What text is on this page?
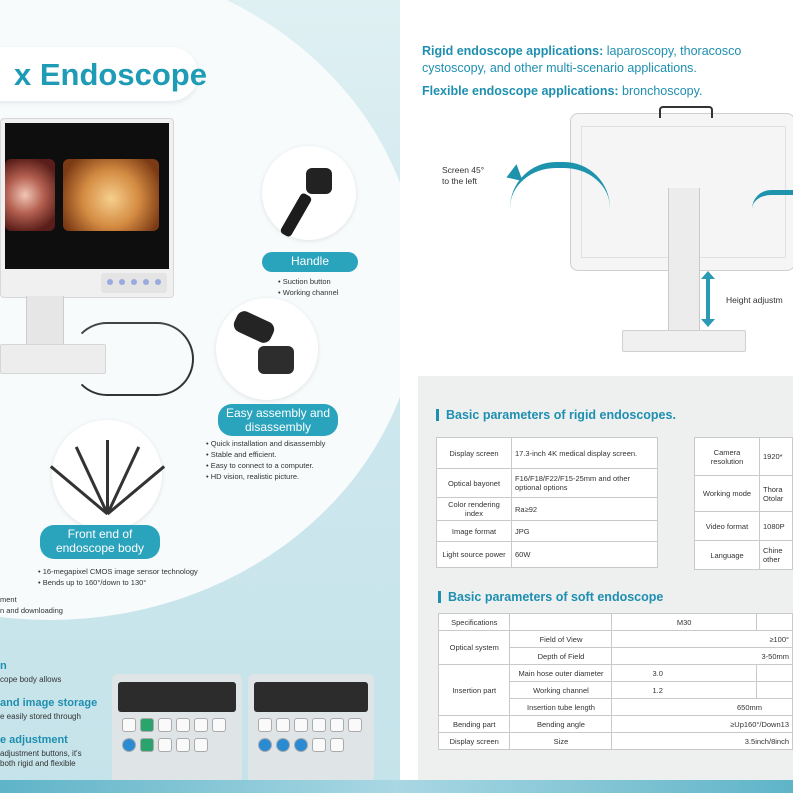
x Endoscope
Handle
• Suction button
• Working channel
Easy assembly and disassembly
• Quick installation and disassembly
• Stable and efficient.
• Easy to connect to a computer.
• HD vision, realistic picture.
Front end of endoscope body
• 16-megapixel CMOS image sensor technology
• Bends up to 160°/down to 130°
ment
n and downloading
n
cope body allows
and image storage
e easily stored through
e adjustment
adjustment buttons, it's
both rigid and flexible
Rigid endoscope applications: laparoscopy, thoracosco
cystoscopy, and other multi-scenario applications.
Flexible endoscope applications: bronchoscopy.
Screen 45°
to the left
Height adjustm
Basic parameters of rigid endoscopes.
Display screen	17.3-inch 4K medical display screen.
Optical bayonet	F16/F18/F22/F15-25mm and other optional options
Color rendering index	Ra≥92
Image format	JPG
Light source power	60W
Camera resolution	1920*
Working mode	Thora Otolar
Video format	1080P
Language	Chine other
Basic parameters of soft endoscope
Specifications		M30	
Optical system	Field of View	≥100°	
	Depth of Field	3-50mm	
Insertion part	Main hose outer diameter	3.0	
	Working channel	1.2	
	Insertion tube length	650mm	
Bending part	Bending angle	≥Up160°/Down13	
Display screen	Size	3.5inch/8inch	
